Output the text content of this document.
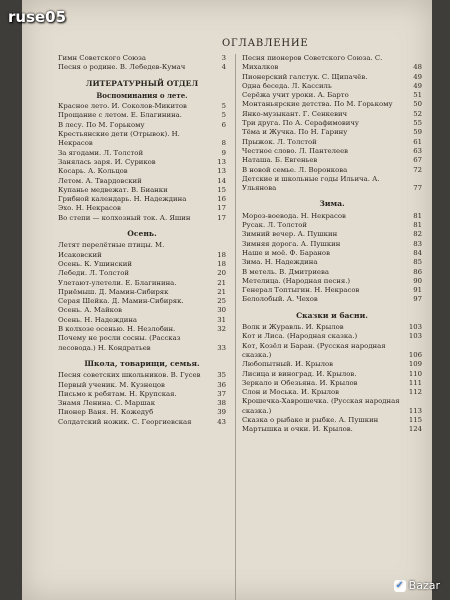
ОГЛАВЛЕНИЕ
Гимн Советского Союза	3
Песня о родине. В. Лебедев-Кумач	4
ЛИТЕРАТУРНЫЙ ОТДЕЛ
Воспоминания о лете.
Красное лето. И. Соколов-Микитов	5
Прощание с летом. Е. Благинина.	5
В лесу. По М. Горькому	6
Крестьянские дети (Отрывок). Н. Некрасов	8
За ягодами. Л. Толстой	9
Занялась заря. И. Суриков	13
Косарь. А. Кольцов	13
Летом. А. Твардовский	14
Купанье медвежат. В. Бианки	15
Грибной календарь. Н. Надеждина	16
Эхо. Н. Некрасов	17
Во степи — колхозный ток. А. Яшин	17
Осень.
Летят перелётные птицы. М. Исаковский	18
Осень. К. Ушинский	18
Лебеди. Л. Толстой	20
Улетают-улетели. Е. Благинина.	21
Приёмыш. Д. Мамин-Сибиряк	21
Серая Шейка. Д. Мамин-Сибиряк.	25
Осень. А. Майков	30
Осень. Н. Надеждина	31
В колхозе осенью. Н. Незлобин.	32
Почему не росли сосны. (Рассказ лесовода.) Н. Кондратьев	33
Школа, товарищи, семья.
Песня советских школьников. В. Гусев	35
Первый ученик. М. Кузнецов	36
Письмо к ребятам. Н. Крупская.	37
Знамя Ленина. С. Маршак	38
Пионер Ваня. Н. Кожедуб	39
Солдатский ножик. С. Георгиевская	43
Песня пионеров Советского Союза. С. Михалков	48
Пионерский галстук. С. Щипачёв.	49
Одна беседа. Л. Кассиль	49
Серёжа учит уроки. А. Барто	51
Монтаньярские детства. По М. Горькому	50
Янко-музыкант. Г. Сенкевич	52
Три друга. По А. Серафимовичу	55
Тёма и Жучка. По Н. Гарину	59
Прыжок. Л. Толстой	61
Честное слово. Л. Пантелеев	63
Наташа. Б. Евгеньев	67
В новой семье. Л. Воронкова	72
Детские и школьные годы Ильича. А. Ульянова	77
Зима.
Мороз-воевода. Н. Некрасов	81
Русак. Л. Толстой	81
Зимний вечер. А. Пушкин	82
Зимняя дорога. А. Пушкин	83
Наше и моё. Ф. Баранов	84
Зима. Н. Надеждина	85
В метель. В. Дмитриева	86
Метелица. (Народная песня.)	90
Генерал Топтыгин. Н. Некрасов	91
Белолобый. А. Чехов	97
Сказки и басни.
Волк и Журавль. И. Крылов	103
Кот и Лиса. (Народная сказка.)	103
Кот, Козёл и Баран. (Русская народная сказка.)	106
Любопытный. И. Крылов	109
Лисица и виноград. И. Крылов.	110
Зеркало и Обезьяна. И. Крылов	111
Слон и Моська. И. Крылов	112
Крошечка-Хаврошечка. (Русская народная сказка.)	113
Сказка о рыбаке и рыбке. А. Пушкин	115
Мартышка и очки. И. Крылов.	124
ruse05
✓ Bazar
